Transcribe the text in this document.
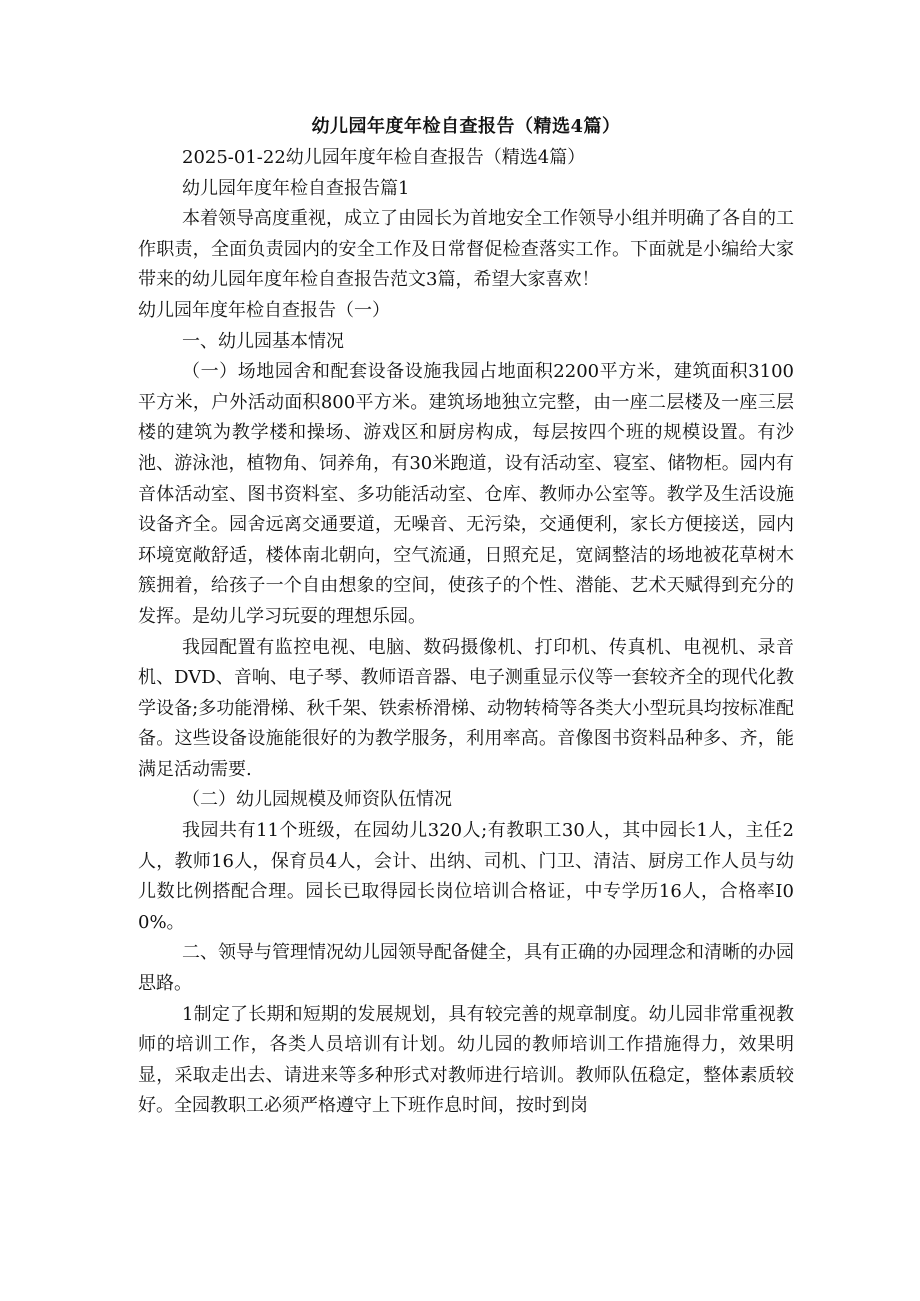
幼儿园年度年检自查报告（精选4篇）

2025-01-22幼儿园年度年检自查报告（精选4篇）

幼儿园年度年检自查报告篇1

本着领导高度重视，成立了由园长为首地安全工作领导小组并明确了各自的工作职责，全面负责园内的安全工作及日常督促检查落实工作。下面就是小编给大家带来的幼儿园年度年检自查报告范文3篇，希望大家喜欢！

幼儿园年度年检自查报告（一）

一、幼儿园基本情况

（一）场地园舍和配套设备设施我园占地面积2200平方米，建筑面积3100平方米，户外活动面积800平方米。建筑场地独立完整，由一座二层楼及一座三层楼的建筑为教学楼和操场、游戏区和厨房构成，每层按四个班的规模设置。有沙池、游泳池，植物角、饲养角，有30米跑道，设有活动室、寝室、储物柜。园内有音体活动室、图书资料室、多功能活动室、仓库、教师办公室等。教学及生活设施设备齐全。园舍远离交通要道，无噪音、无污染，交通便利，家长方便接送，园内环境宽敞舒适，楼体南北朝向，空气流通，日照充足，宽阔整洁的场地被花草树木簇拥着，给孩子一个自由想象的空间，使孩子的个性、潜能、艺术天赋得到充分的发挥。是幼儿学习玩耍的理想乐园。

我园配置有监控电视、电脑、数码摄像机、打印机、传真机、电视机、录音机、DVD、音响、电子琴、教师语音器、电子测重显示仪等一套较齐全的现代化教学设备;多功能滑梯、秋千架、铁索桥滑梯、动物转椅等各类大小型玩具均按标准配备。这些设备设施能很好的为教学服务，利用率高。音像图书资料品种多、齐，能满足活动需要.

（二）幼儿园规模及师资队伍情况

我园共有11个班级，在园幼儿320人;有教职工30人，其中园长1人，主任2人，教师16人，保育员4人，会计、出纳、司机、门卫、清洁、厨房工作人员与幼儿数比例搭配合理。园长已取得园长岗位培训合格证，中专学历16人，合格率I00%。

二、领导与管理情况幼儿园领导配备健全，具有正确的办园理念和清晰的办园思路。

1制定了长期和短期的发展规划，具有较完善的规章制度。幼儿园非常重视教师的培训工作，各类人员培训有计划。幼儿园的教师培训工作措施得力，效果明显，采取走出去、请进来等多种形式对教师进行培训。教师队伍稳定，整体素质较好。全园教职工必须严格遵守上下班作息时间，按时到岗
